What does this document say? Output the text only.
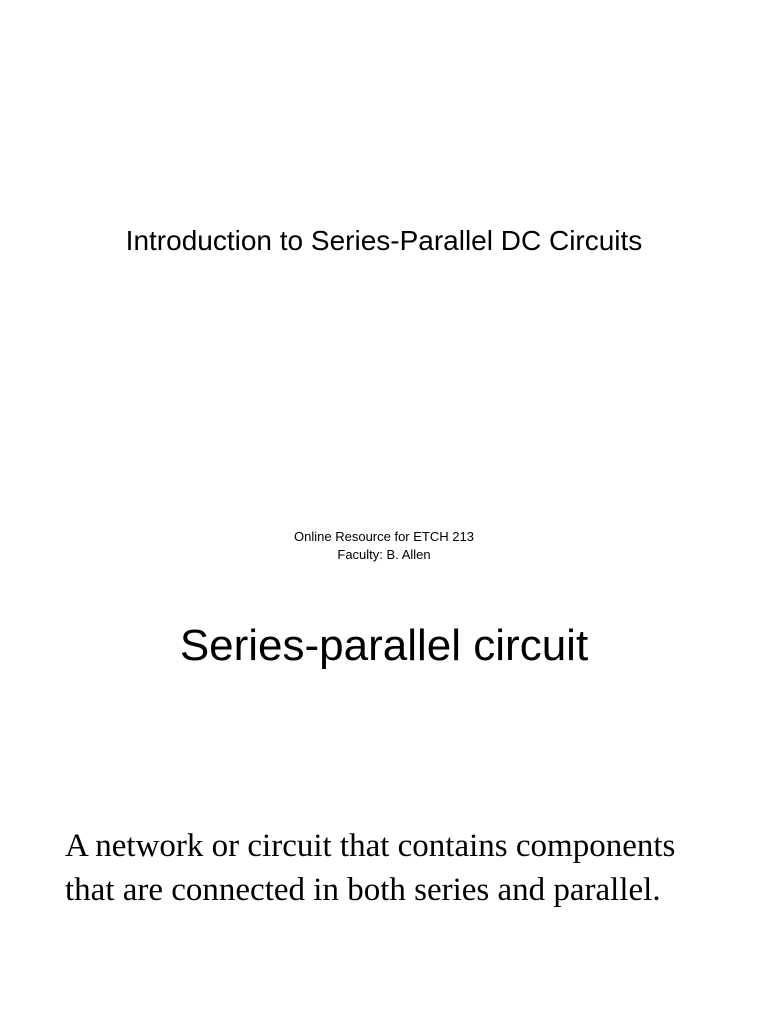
Introduction to Series-Parallel DC Circuits
Online Resource for ETCH 213
Faculty: B. Allen
Series-parallel circuit

A network or circuit that contains components
that are connected in both series and parallel.
